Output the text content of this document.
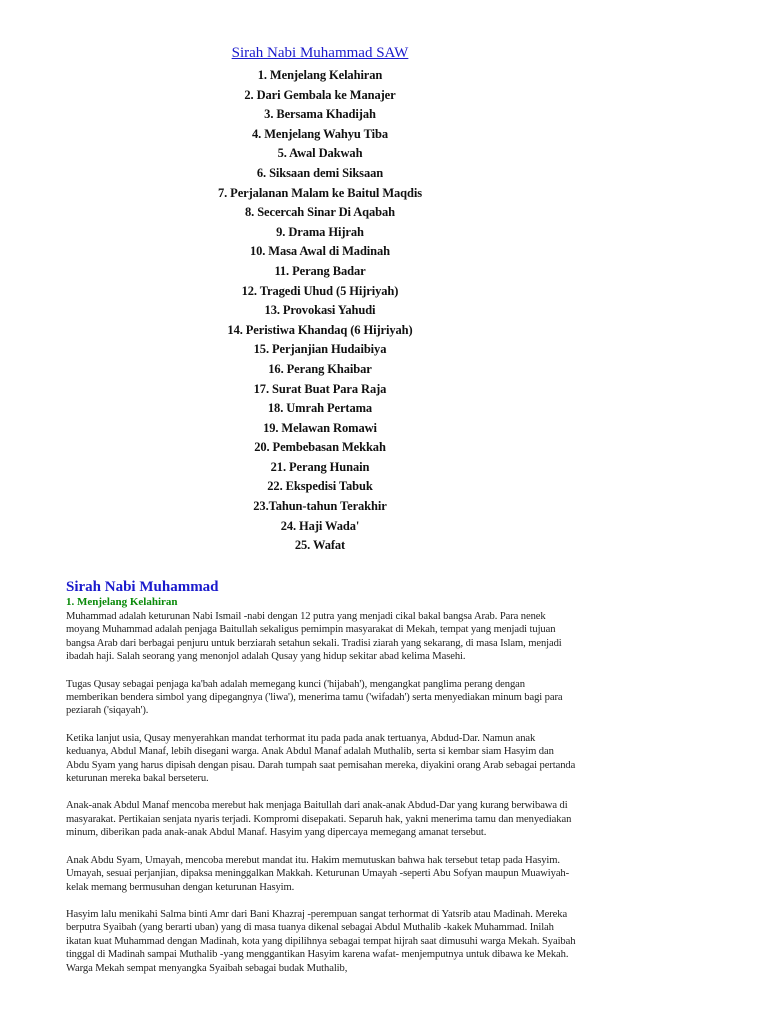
Sirah Nabi Muhammad SAW
1. Menjelang Kelahiran
2. Dari Gembala ke Manajer
3. Bersama Khadijah
4. Menjelang Wahyu Tiba
5. Awal Dakwah
6. Siksaan demi Siksaan
7. Perjalanan Malam ke Baitul Maqdis
8. Secercah Sinar Di Aqabah
9. Drama Hijrah
10. Masa Awal di Madinah
11. Perang Badar
12. Tragedi Uhud (5 Hijriyah)
13. Provokasi Yahudi
14. Peristiwa Khandaq (6 Hijriyah)
15. Perjanjian Hudaibiya
16. Perang Khaibar
17. Surat Buat Para Raja
18. Umrah Pertama
19. Melawan Romawi
20. Pembebasan Mekkah
21. Perang Hunain
22. Ekspedisi Tabuk
23.Tahun-tahun Terakhir
24. Haji Wada'
25. Wafat
Sirah Nabi Muhammad
1. Menjelang Kelahiran

Muhammad adalah keturunan Nabi Ismail -nabi dengan 12 putra yang menjadi cikal bakal bangsa Arab. Para nenek moyang Muhammad adalah penjaga Baitullah sekaligus pemimpin masyarakat di Mekah, tempat yang menjadi tujuan bangsa Arab dari berbagai penjuru untuk berziarah setahun sekali. Tradisi ziarah yang sekarang, di masa Islam, menjadi ibadah haji. Salah seorang yang menonjol adalah Qusay yang hidup sekitar abad kelima Masehi.

Tugas Qusay sebagai penjaga ka'bah adalah memegang kunci ('hijabah'), mengangkat panglima perang dengan memberikan bendera simbol yang dipegangnya ('liwa'), menerima tamu ('wifadah') serta menyediakan minum bagi para peziarah ('siqayah').

Ketika lanjut usia, Qusay menyerahkan mandat terhormat itu pada pada anak tertuanya, Abdud-Dar. Namun anak keduanya, Abdul Manaf, lebih disegani warga. Anak Abdul Manaf adalah Muthalib, serta si kembar siam Hasyim dan Abdu Syam yang harus dipisah dengan pisau. Darah tumpah saat pemisahan mereka, diyakini orang Arab sebagai pertanda keturunan mereka bakal berseteru.

Anak-anak Abdul Manaf mencoba merebut hak menjaga Baitullah dari anak-anak Abdud-Dar yang kurang berwibawa di masyarakat. Pertikaian senjata nyaris terjadi. Kompromi disepakati. Separuh hak, yakni menerima tamu dan menyediakan minum, diberikan pada anak-anak Abdul Manaf. Hasyim yang dipercaya memegang amanat tersebut.

Anak Abdu Syam, Umayah, mencoba merebut mandat itu. Hakim memutuskan bahwa hak tersebut tetap pada Hasyim. Umayah, sesuai perjanjian, dipaksa meninggalkan Makkah. Keturunan Umayah -seperti Abu Sofyan maupun Muawiyah- kelak memang bermusuhan dengan keturunan Hasyim.

Hasyim lalu menikahi Salma binti Amr dari Bani Khazraj -perempuan sangat terhormat di Yatsrib atau Madinah. Mereka berputra Syaibah (yang berarti uban) yang di masa tuanya dikenal sebagai Abdul Muthalib -kakek Muhammad. Inilah ikatan kuat Muhammad dengan Madinah, kota yang dipilihnya sebagai tempat hijrah saat dimusuhi warga Mekah. Syaibah tinggal di Madinah sampai Muthalib -yang menggantikan Hasyim karena wafat- menjemputnya untuk dibawa ke Mekah. Warga Mekah sempat menyangka Syaibah sebagai budak Muthalib,
